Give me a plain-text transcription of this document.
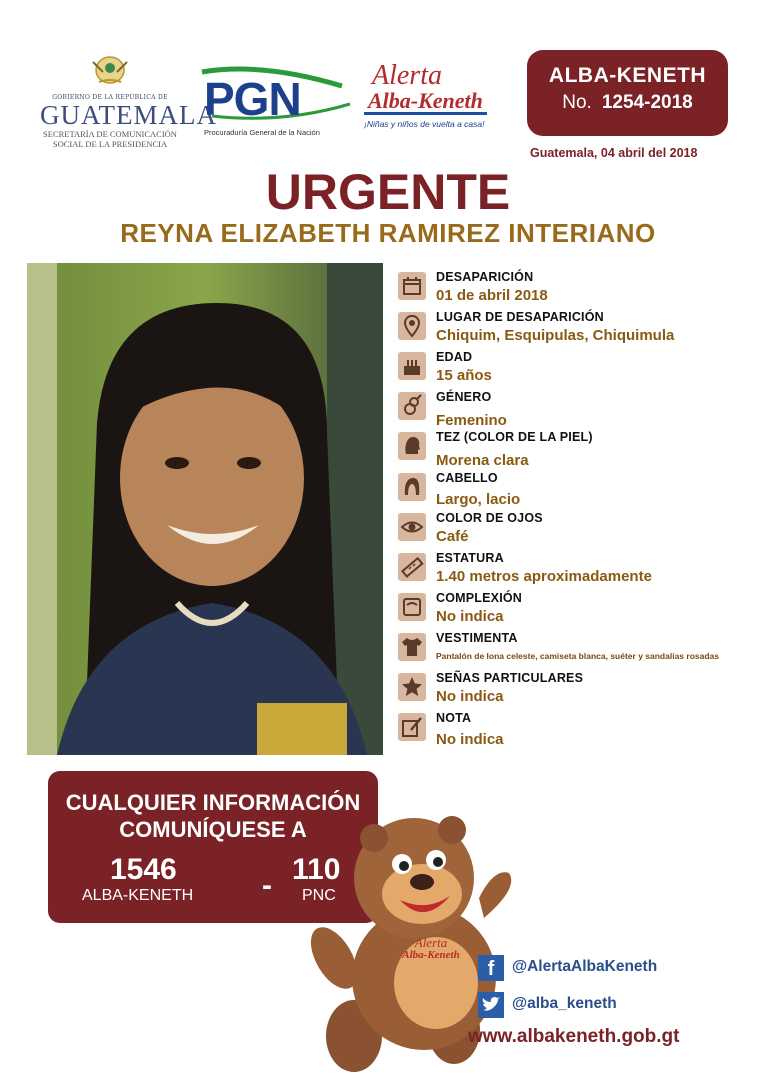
GOBIERNO DE LA REPÚBLICA DE
GUATEMALA
SECRETARÍA DE COMUNICACIÓN
SOCIAL DE LA PRESIDENCIA
PGN
Procuraduría General de la Nación
Alerta
Alba-Keneth
¡Niñas y niños de vuelta a casa!
ALBA-KENETH
No. 1254-2018
Guatemala, 04 abril del 2018
URGENTE
REYNA ELIZABETH RAMIREZ INTERIANO
DESAPARICIÓN
01 de abril 2018
LUGAR DE DESAPARICIÓN
Chiquim, Esquipulas, Chiquimula
EDAD
15 años
GÉNERO
Femenino
TEZ (COLOR DE LA PIEL)
Morena clara
CABELLO
Largo, lacio
COLOR DE OJOS
Café
ESTATURA
1.40 metros aproximadamente
COMPLEXIÓN
No indica
VESTIMENTA
Pantalón de lona celeste, camiseta blanca, suéter y sandalias rosadas
SEÑAS PARTICULARES
No indica
NOTA
No indica
CUALQUIER INFORMACIÓN
COMUNÍQUESE A
1546
ALBA-KENETH - 110
PNC
Alerta
Alba-Keneth
f	@AlertaAlbaKeneth
@alba_keneth
www.albakeneth.gob.gt
